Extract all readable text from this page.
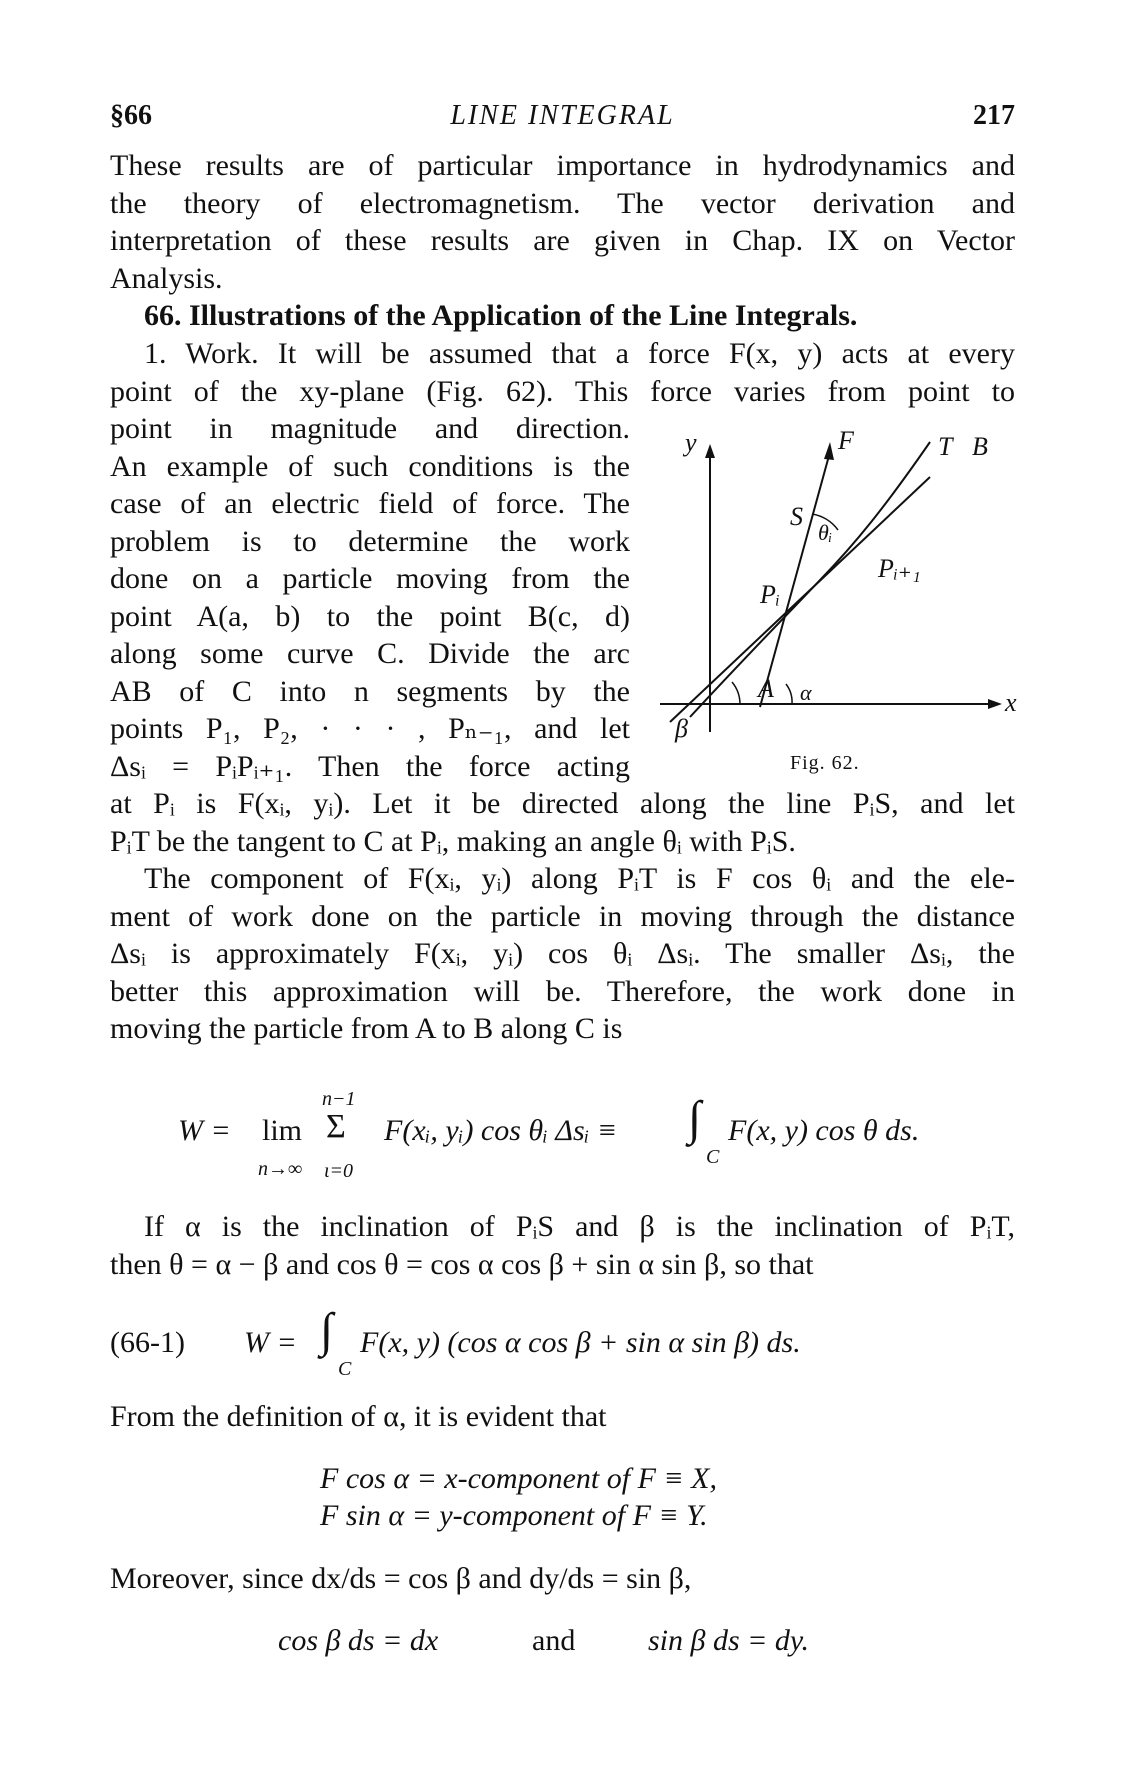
§66	LINE INTEGRAL	217
These results are of particular importance in hydrodynamics and
the theory of electromagnetism. The vector derivation and
interpretation of these results are given in Chap. IX on Vector
Analysis.
66. Illustrations of the Application of the Line Integrals.
1. Work. It will be assumed that a force F(x, y) acts at every
point of the xy-plane (Fig. 62). This force varies from point to
point in magnitude and direction.
An example of such conditions is the
case of an electric field of force. The
problem is to determine the work
done on a particle moving from the
point A(a, b) to the point B(c, d)
along some curve C. Divide the arc
AB of C into n segments by the
points P₁, P₂, · · · , Pₙ₋₁, and let
Δsᵢ = PᵢPᵢ₊₁. Then the force acting
y
x
F	T B
S
θᵢ
Pᵢ
Pᵢ₊₁
A α
β
Fig. 62.
at Pᵢ is F(xᵢ, yᵢ). Let it be directed along the line PᵢS, and let
PᵢT be the tangent to C at Pᵢ, making an angle θᵢ with PᵢS.
The component of F(xᵢ, yᵢ) along PᵢT is F cos θᵢ and the ele-
ment of work done on the particle in moving through the distance
Δsᵢ is approximately F(xᵢ, yᵢ) cos θᵢ Δsᵢ. The smaller Δsᵢ, the
better this approximation will be. Therefore, the work done in
moving the particle from A to B along C is
W = lim
n→∞
n−1
Σ
ι=0
F(xᵢ, yᵢ) cos θᵢ Δsᵢ ≡ ∫
C
F(x, y) cos θ ds.
If α is the inclination of PᵢS and β is the inclination of PᵢT,
then θ = α − β and cos θ = cos α cos β + sin α sin β, so that
(66-1) W = ∫
C
F(x, y) (cos α cos β + sin α sin β) ds.
From the definition of α, it is evident that
F cos α = x-component of F ≡ X,
F sin α = y-component of F ≡ Y.
Moreover, since dx/ds = cos β and dy/ds = sin β,
cos β ds = dx	and sin β ds = dy.
